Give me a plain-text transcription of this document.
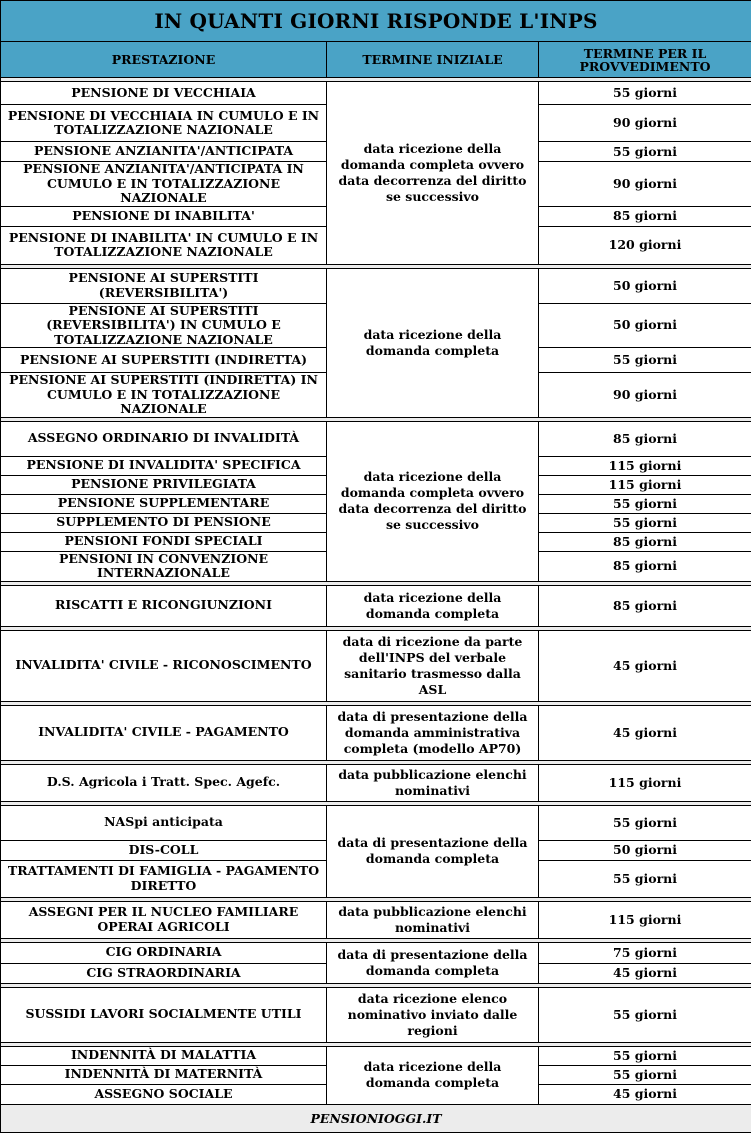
IN QUANTI GIORNI RISPONDE L'INPS		
PRESTAZIONE	TERMINE INIZIALE	TERMINE PER IL PROVVEDIMENTO

PENSIONE DI VECCHIAIA	data ricezione della domanda completa ovvero data decorrenza del diritto se successivo	55 giorni
PENSIONE DI VECCHIAIA IN CUMULO E IN TOTALIZZAZIONE NAZIONALE		90 giorni
PENSIONE ANZIANITA'/ANTICIPATA		55 giorni
PENSIONE ANZIANITA'/ANTICIPATA IN CUMULO E IN TOTALIZZAZIONE NAZIONALE		90 giorni
PENSIONE DI INABILITA'		85 giorni
PENSIONE DI INABILITA' IN CUMULO E IN TOTALIZZAZIONE NAZIONALE		120 giorni

PENSIONE AI SUPERSTITI (REVERSIBILITA')	data ricezione della domanda completa	50 giorni
PENSIONE AI SUPERSTITI (REVERSIBILITA') IN CUMULO E TOTALIZZAZIONE NAZIONALE		50 giorni
PENSIONE AI SUPERSTITI (INDIRETTA)		55 giorni
PENSIONE AI SUPERSTITI (INDIRETTA) IN CUMULO E IN TOTALIZZAZIONE NAZIONALE		90 giorni

ASSEGNO ORDINARIO DI INVALIDITÀ	data ricezione della domanda completa ovvero data decorrenza del diritto se successivo	85 giorni
PENSIONE DI INVALIDITA' SPECIFICA		115 giorni
PENSIONE PRIVILEGIATA		115 giorni
PENSIONE SUPPLEMENTARE		55 giorni
SUPPLEMENTO DI PENSIONE		55 giorni
PENSIONI FONDI SPECIALI		85 giorni
PENSIONI IN CONVENZIONE INTERNAZIONALE		85 giorni

RISCATTI E RICONGIUNZIONI	data ricezione della domanda completa	85 giorni

INVALIDITA' CIVILE - RICONOSCIMENTO	data di ricezione da parte dell'INPS del verbale sanitario trasmesso dalla ASL	45 giorni

INVALIDITA' CIVILE - PAGAMENTO	data di presentazione della domanda amministrativa completa (modello AP70)	45 giorni

D.S. Agricola i Tratt. Spec. Agefc.	data pubblicazione elenchi nominativi	115 giorni

NASpi anticipata	data di presentazione della domanda completa	55 giorni
DIS-COLL		50 giorni
TRATTAMENTI DI FAMIGLIA - PAGAMENTO DIRETTO		55 giorni

ASSEGNI PER IL NUCLEO FAMILIARE OPERAI AGRICOLI	data pubblicazione elenchi nominativi	115 giorni

CIG ORDINARIA	data di presentazione della domanda completa	75 giorni
CIG STRAORDINARIA		45 giorni

SUSSIDI LAVORI SOCIALMENTE UTILI	data ricezione elenco nominativo inviato dalle regioni	55 giorni

INDENNITÀ DI MALATTIA	data ricezione della domanda completa	55 giorni
INDENNITÀ DI MATERNITÀ		55 giorni
ASSEGNO SOCIALE		45 giorni
PENSIONIOGGI.IT		
